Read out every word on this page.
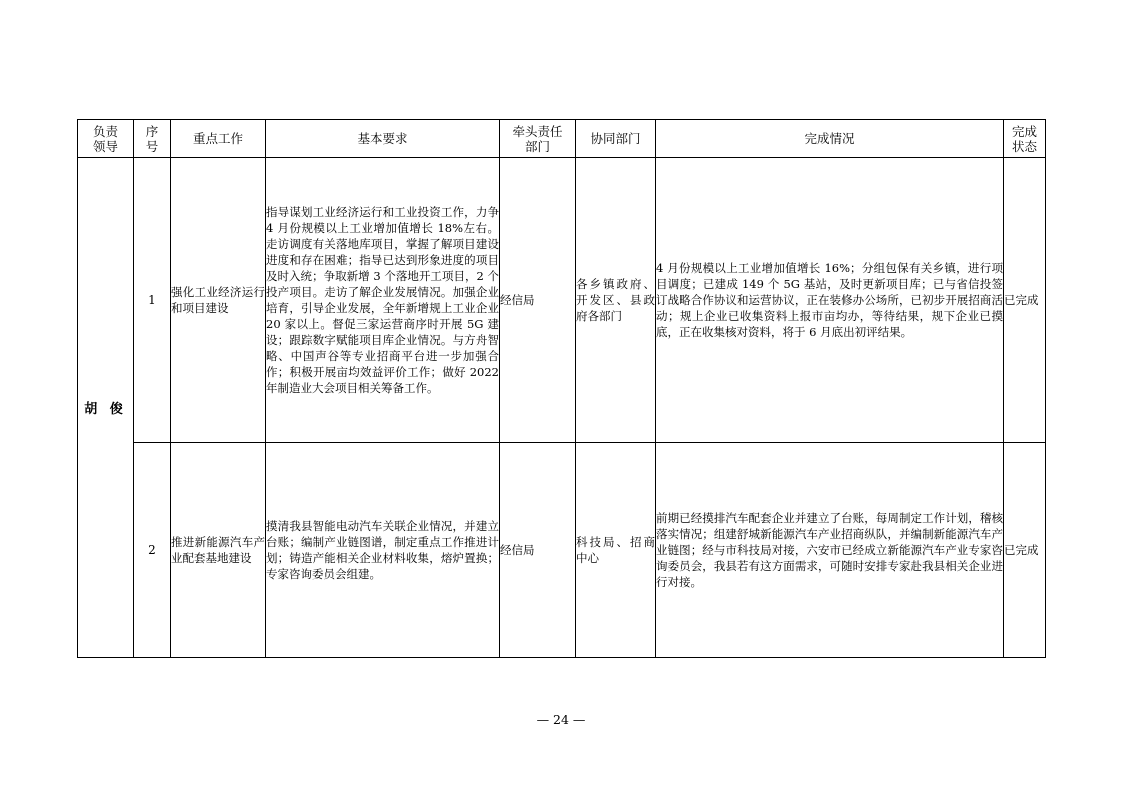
负责领导	序号	重点工作	基本要求	牵头责任部门	协同部门	完成情况	完成状态
胡 俊	1	强化工业经济运行和项目建设	指导谋划工业经济运行和工业投资工作，力争 4 月份规模以上工业增加值增长 18%左右。 走访调度有关落地库项目，掌握了解项目建设进度和存在困难；指导已达到形象进度的项目及时入统；争取新增 3 个落地开工项目，2 个投产项目。走访了解企业发展情况。加强企业培育，引导企业发展，全年新增规上工业企业 20 家以上。督促三家运营商序时开展 5G 建设；跟踪数字赋能项目库企业情况。与方舟智略、中国声谷等专业招商平台进一步加强合作；积极开展亩均效益评价工作；做好 2022 年制造业大会项目相关筹备工作。	经信局	各乡镇政府、开发区、县政府各部门	4 月份规模以上工业增加值增长 16%；分组包保有关乡镇，进行项目调度；已建成 149 个 5G 基站，及时更新项目库；已与省信投签订战略合作协议和运营协议，正在装修办公场所，已初步开展招商活动；规上企业已收集资料上报市亩均办，等待结果，规下企业已摸底，正在收集核对资料，将于 6 月底出初评结果。	已完成
	2	推进新能源汽车产业配套基地建设	摸清我县智能电动汽车关联企业情况，并建立台账；编制产业链图谱，制定重点工作推进计划；铸造产能相关企业材料收集，熔炉置换；专家咨询委员会组建。	经信局	科技局、招商中心	前期已经摸排汽车配套企业并建立了台账，每周制定工作计划，稽核落实情况；组建舒城新能源汽车产业招商纵队，并编制新能源汽车产业链图；经与市科技局对接，六安市已经成立新能源汽车产业专家咨询委员会，我县若有这方面需求，可随时安排专家赴我县相关企业进行对接。	已完成
— 24 —
